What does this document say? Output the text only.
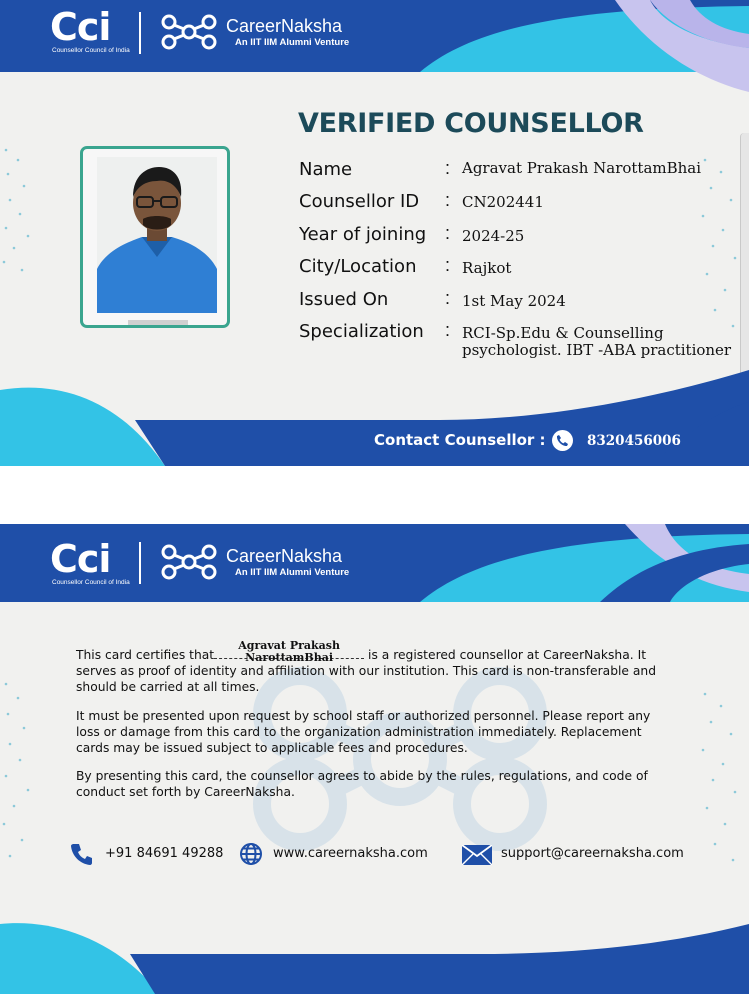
Cci
Counsellor Council of India
CareerNaksha
An IIT IIM Alumni Venture
VERIFIED COUNSELLOR
Name	: Agravat Prakash NarottamBhai
Counsellor ID : CN202441
Year of joining : 2024-25
City/Location : Rajkot
Issued On	: 1st May 2024
Specialization : RCI-Sp.Edu & Counselling
psychologist. IBT -ABA practitioner
Contact Counsellor :	8320456006
Cci
Counsellor Council of India
CareerNaksha
An IIT IIM Alumni Venture
This card certifies that
Agravat Prakash NarottamBhai	is a registered counsellor at CareerNaksha. It serves as proof of identity and affiliation with our institution. This card is non-transferable and should be carried at all times.
It must be presented upon request by school staff or authorized personnel. Please report any loss or damage from this card to the organization administration immediately. Replacement cards may be issued subject to applicable fees and procedures.
By presenting this card, the counsellor agrees to abide by the rules, regulations, and code of conduct set forth by CareerNaksha.
+91 84691 49288	www.careernaksha.com	support@careernaksha.com
